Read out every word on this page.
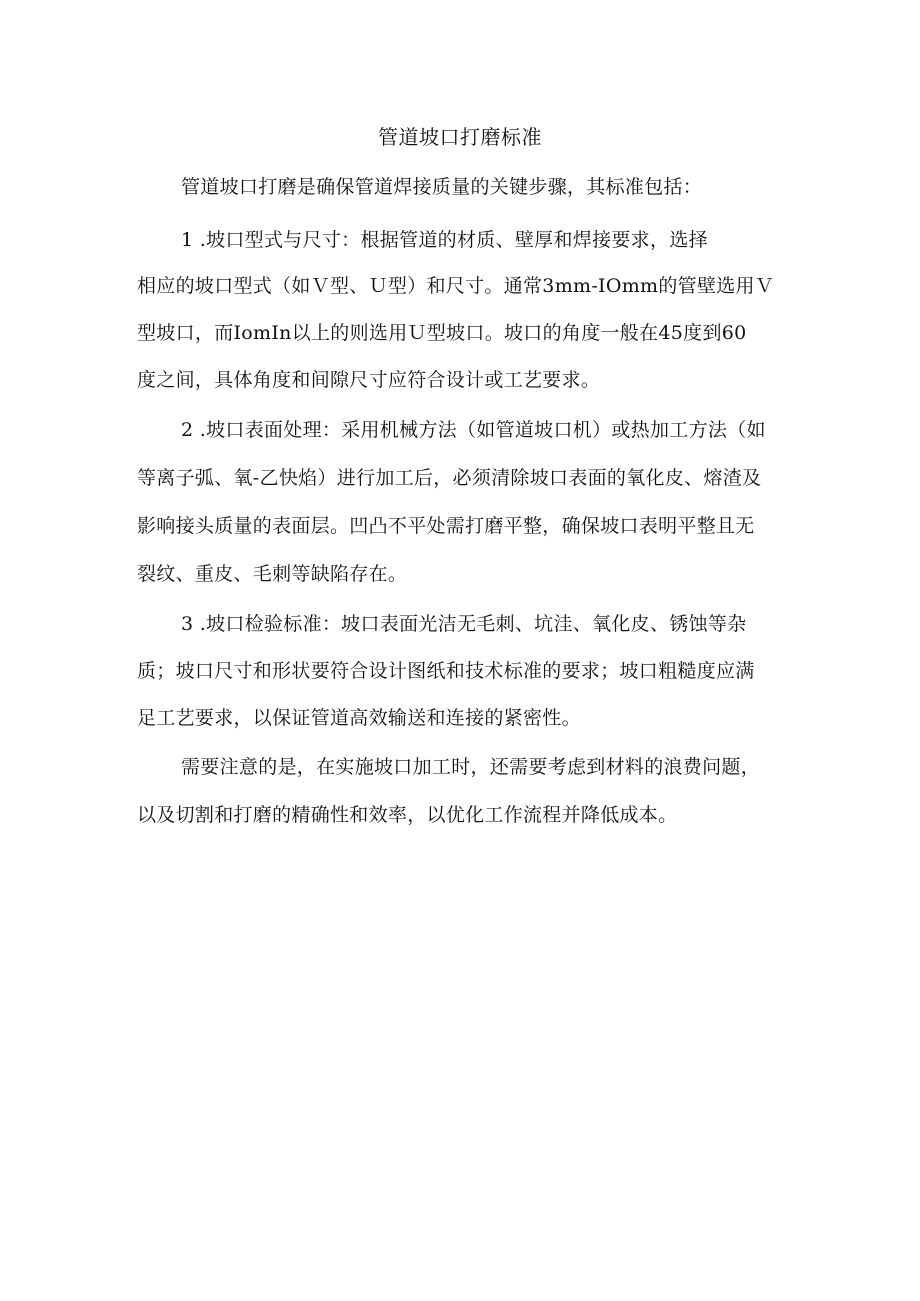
管道坡口打磨标准

管道坡口打磨是确保管道焊接质量的关键步骤，其标准包括：

1 .坡口型式与尺寸：根据管道的材质、壁厚和焊接要求，选择

相应的坡口型式（如Ｖ型、Ｕ型）和尺寸。通常3mm-IOmm的管壁选用Ｖ

型坡口，而IomIn以上的则选用Ｕ型坡口。坡口的角度一般在45度到60

度之间，具体角度和间隙尺寸应符合设计或工艺要求。

2 .坡口表面处理：采用机械方法（如管道坡口机）或热加工方法（如

等离子弧、氧-乙快焰）进行加工后，必须清除坡口表面的氧化皮、熔渣及

影响接头质量的表面层。凹凸不平处需打磨平整，确保坡口表明平整且无

裂纹、重皮、毛刺等缺陷存在。

3 .坡口检验标准：坡口表面光洁无毛刺、坑洼、氧化皮、锈蚀等杂

质；坡口尺寸和形状要符合设计图纸和技术标准的要求；坡口粗糙度应满

足工艺要求，以保证管道高效输送和连接的紧密性。

需要注意的是，在实施坡口加工时，还需要考虑到材料的浪费问题，

以及切割和打磨的精确性和效率，以优化工作流程并降低成本。
